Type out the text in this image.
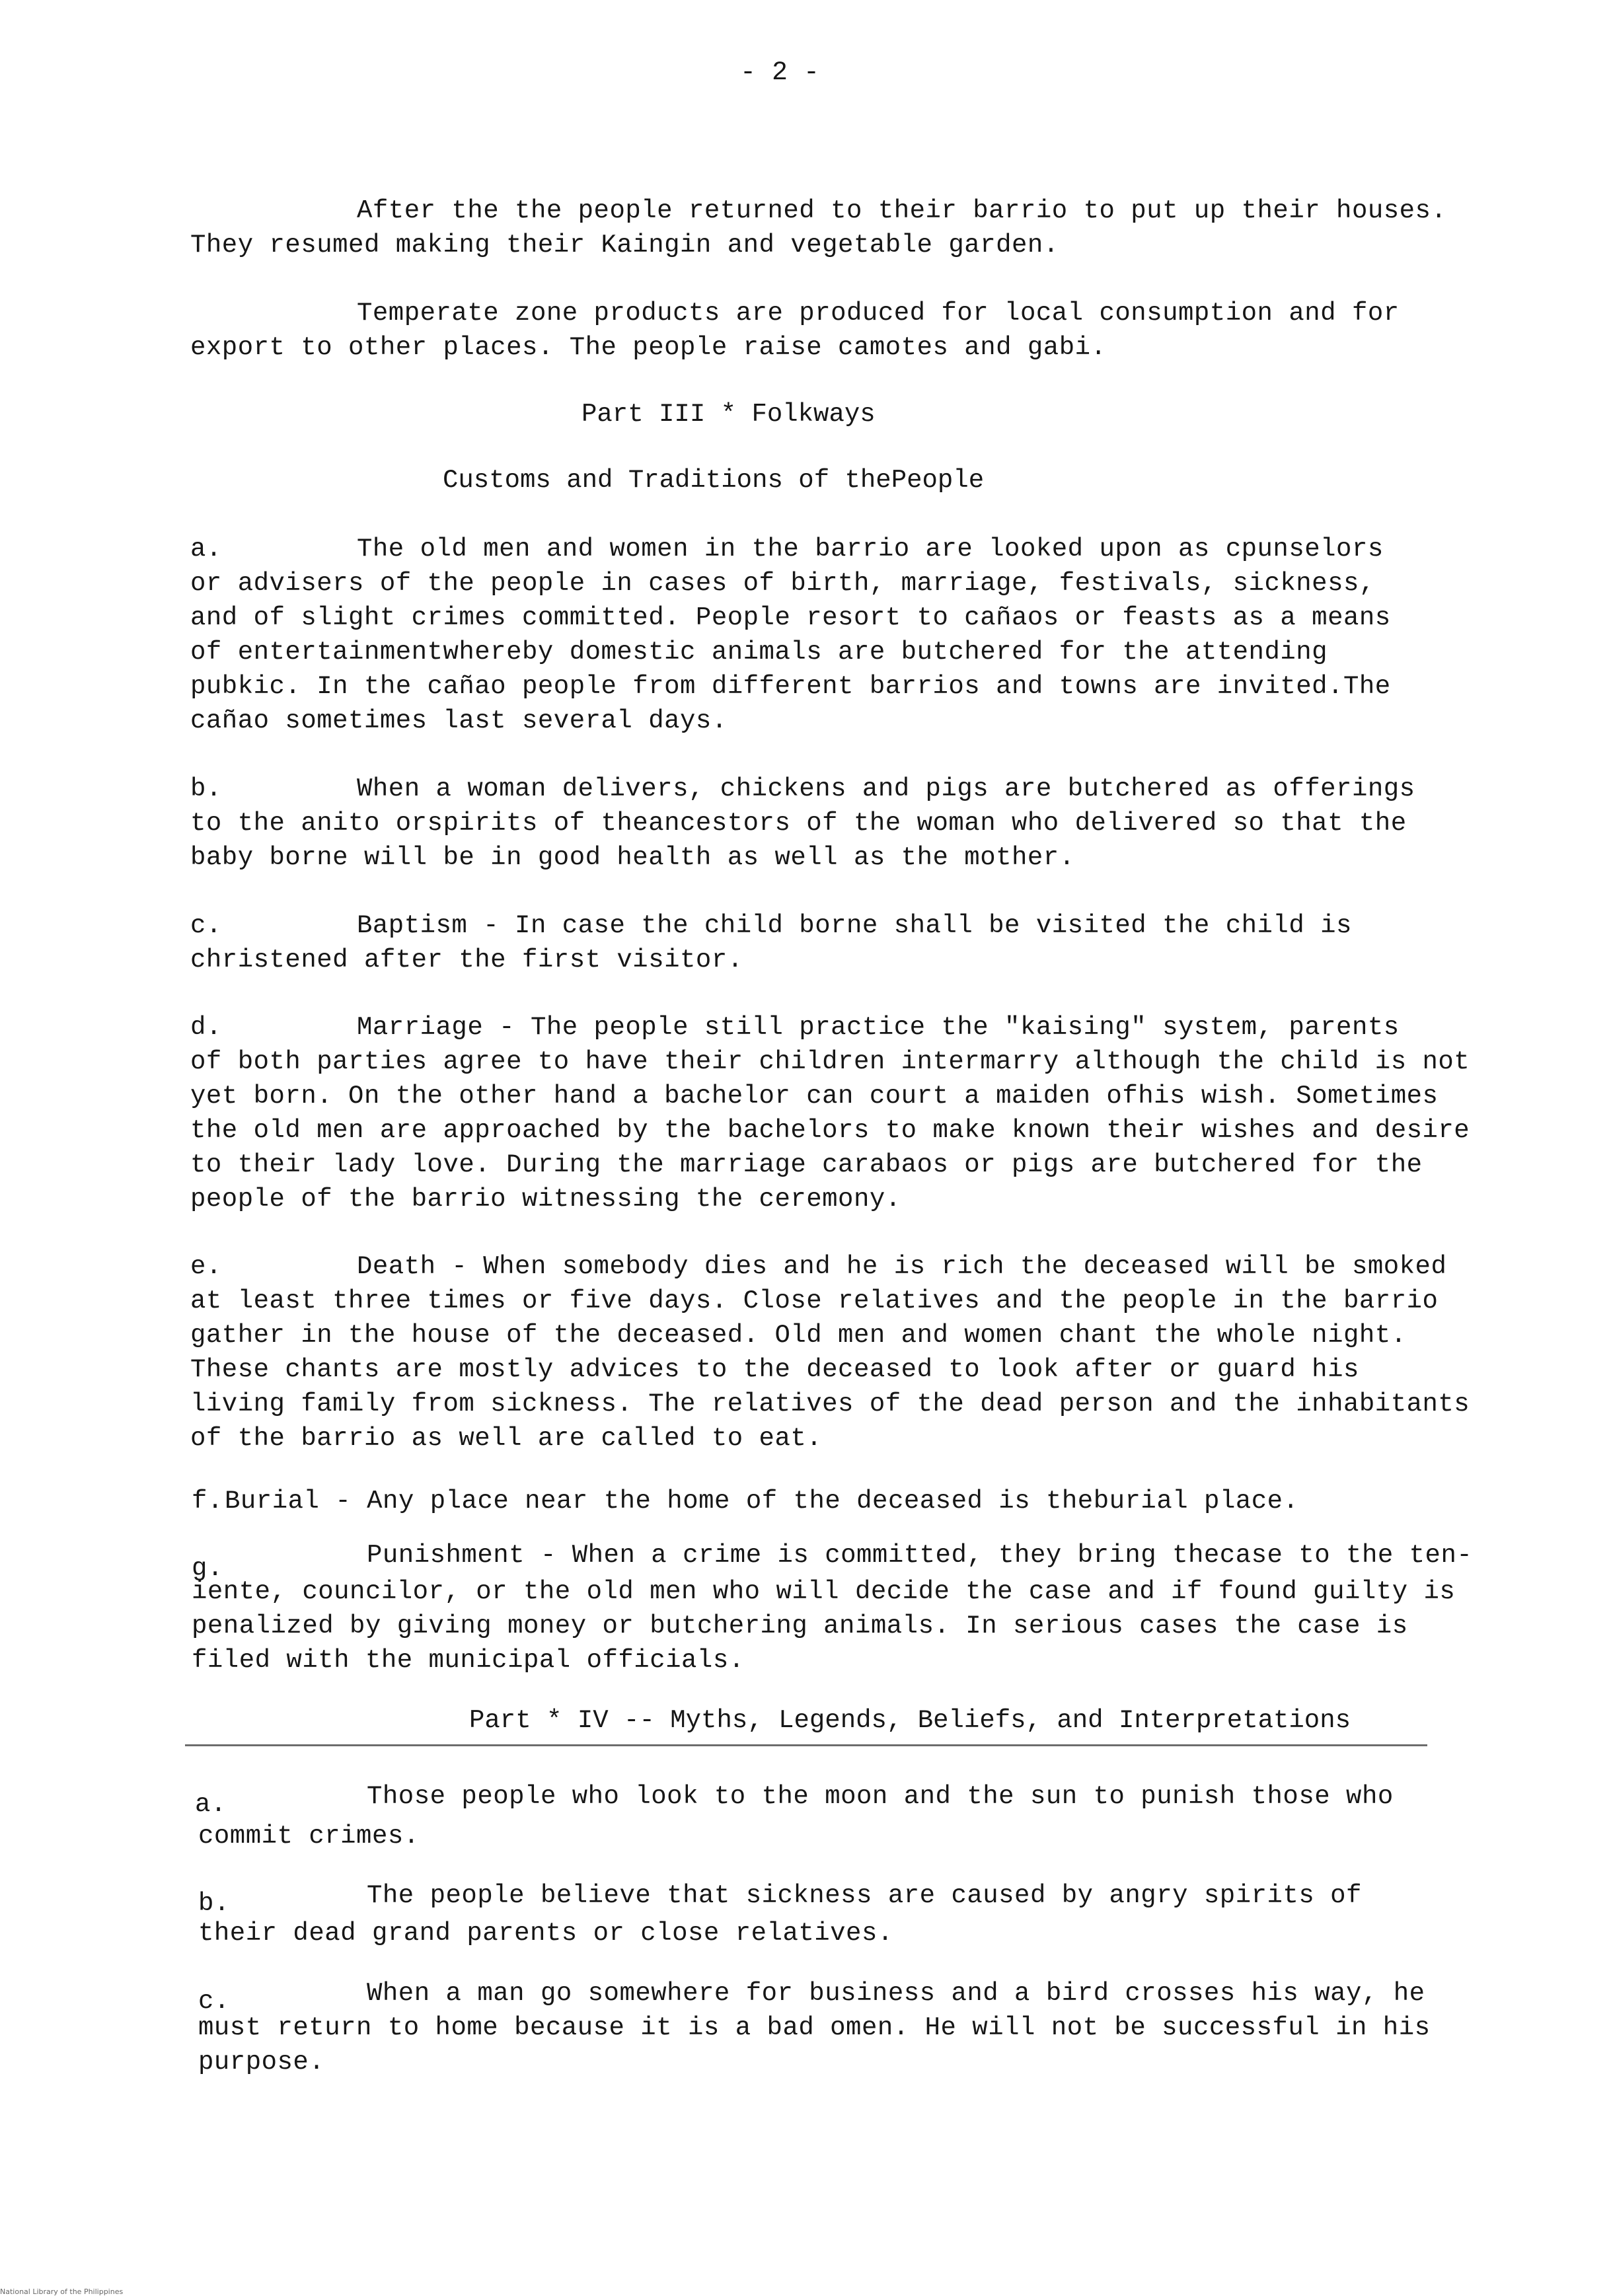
- 2 -
After the the people returned to their barrio to put up their houses.
They resumed making their Kaingin and vegetable garden.
Temperate zone products are produced for local consumption and for
export to other places. The people raise camotes and gabi.
Part III * Folkways
Customs and Traditions of thePeople
a.	The old men and women in the barrio are looked upon as cpunselors
or advisers of the people in cases of birth, marriage, festivals, sickness,
and of slight crimes committed. People resort to cañaos or feasts as a means
of entertainmentwhereby domestic animals are butchered for the attending
pubkic. In the cañao people from different barrios and towns are invited.The
cañao sometimes last several days.
b.	When a woman delivers, chickens and pigs are butchered as offerings
to the anito orspirits of theancestors of the woman who delivered so that the
baby borne will be in good health as well as the mother.
c.	Baptism - In case the child borne shall be visited the child is
christened after the first visitor.
d.	Marriage - The people still practice the "kaising" system, parents
of both parties agree to have their children intermarry although the child is not
yet born. On the other hand a bachelor can court a maiden ofhis wish. Sometimes
the old men are approached by the bachelors to make known their wishes and desire
to their lady love. During the marriage carabaos or pigs are butchered for the
people of the barrio witnessing the ceremony.
e.	Death - When somebody dies and he is rich the deceased will be smoked
at least three times or five days. Close relatives and the people in the barrio
gather in the house of the deceased. Old men and women chant the whole night.
These chants are mostly advices to the deceased to look after or guard his
living family from sickness. The relatives of the dead person and the inhabitants
of the barrio as well are called to eat.
f. Burial - Any place near the home of the deceased is theburial place.
g.	Punishment - When a crime is committed, they bring thecase to the ten-
iente, councilor, or the old men who will decide the case and if found guilty is
penalized by giving money or butchering animals. In serious cases the case is
filed with the municipal officials.
Part * IV -- Myths, Legends, Beliefs, and Interpretations
a.	Those people who look to the moon and the sun to punish those who
commit crimes.
b.	The people believe that sickness are caused by angry spirits of
their dead grand parents or close relatives.
c.	When a man go somewhere for business and a bird crosses his way, he
must return to home because it is a bad omen. He will not be successful in his
purpose.
National Library of the Philippines
